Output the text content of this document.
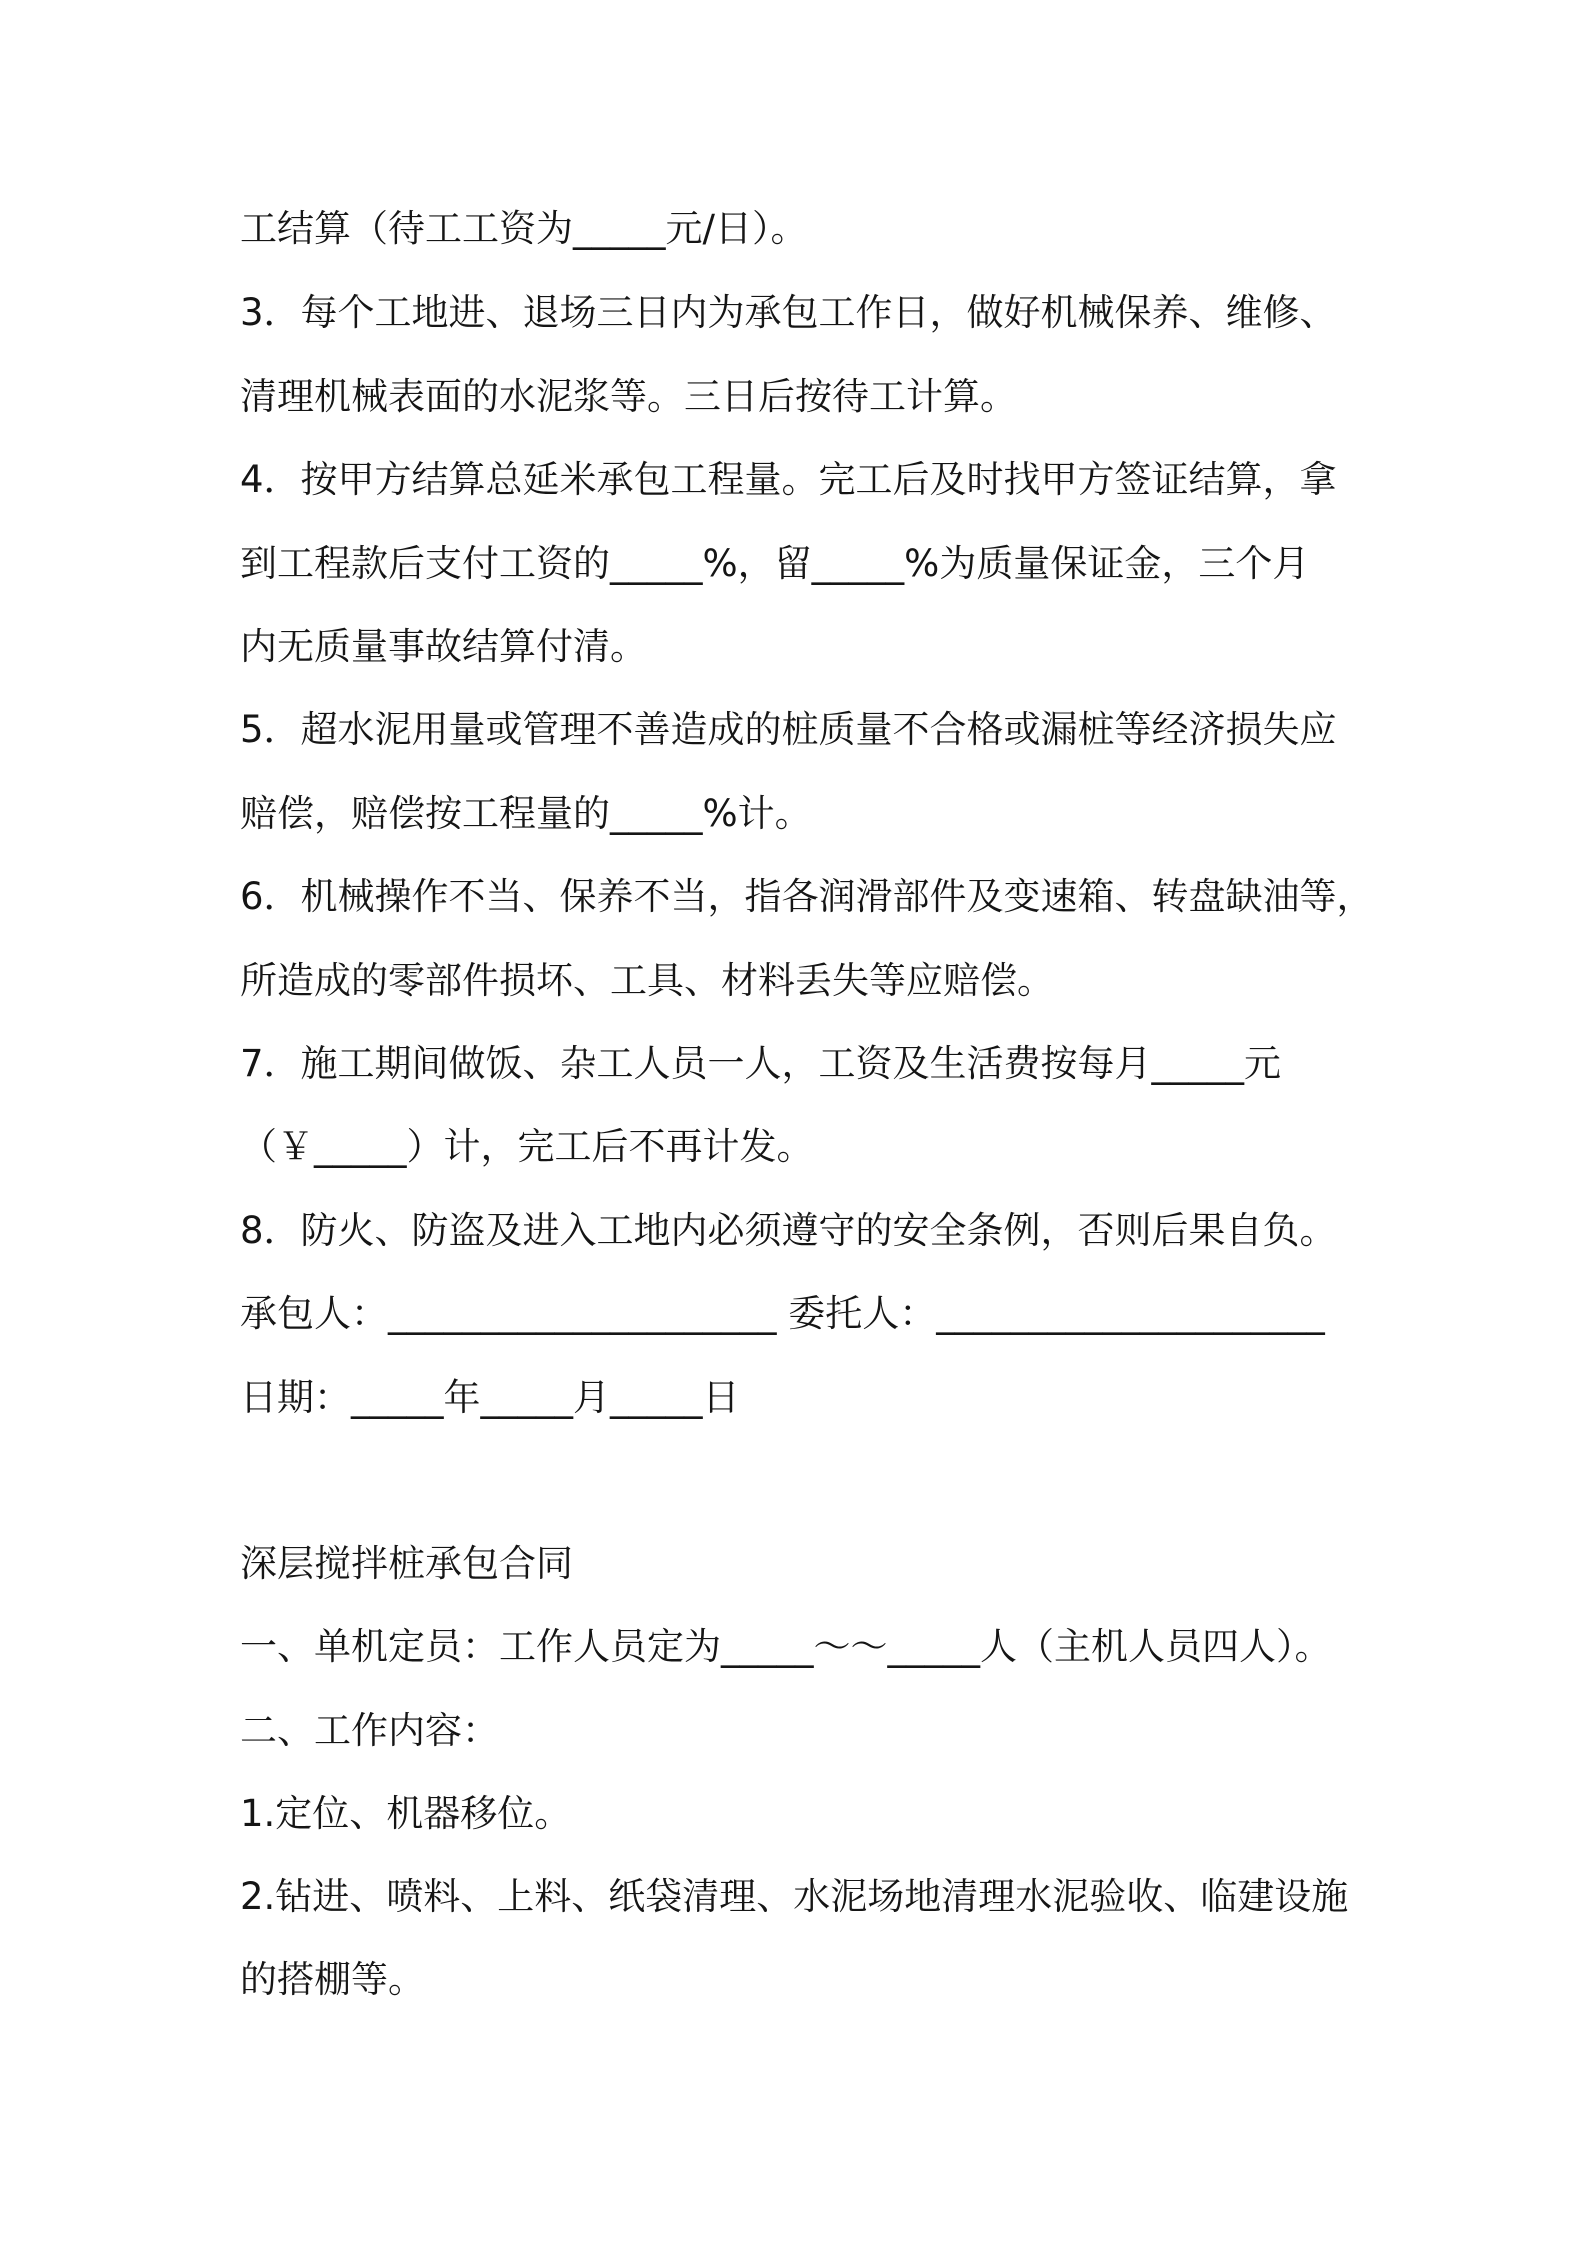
工结算（待工工资为_____元/日）。
3．每个工地进、退场三日内为承包工作日，做好机械保养、维修、
清理机械表面的水泥浆等。三日后按待工计算。
4．按甲方结算总延米承包工程量。完工后及时找甲方签证结算，拿
到工程款后支付工资的_____%，留_____%为质量保证金，三个月
内无质量事故结算付清。
5．超水泥用量或管理不善造成的桩质量不合格或漏桩等经济损失应
赔偿，赔偿按工程量的_____%计。
6．机械操作不当、保养不当，指各润滑部件及变速箱、转盘缺油等，
所造成的零部件损坏、工具、材料丢失等应赔偿。
7．施工期间做饭、杂工人员一人，工资及生活费按每月_____元
（￥_____）计，完工后不再计发。
8．防火、防盗及进入工地内必须遵守的安全条例，否则后果自负。
承包人：_____________________ 委托人：_____________________
日期：_____年_____月_____日
深层搅拌桩承包合同
一、单机定员：工作人员定为_____～～_____人（主机人员四人）。
二、工作内容：
1.定位、机器移位。
2.钻进、喷料、上料、纸袋清理、水泥场地清理水泥验收、临建设施
的搭棚等。
